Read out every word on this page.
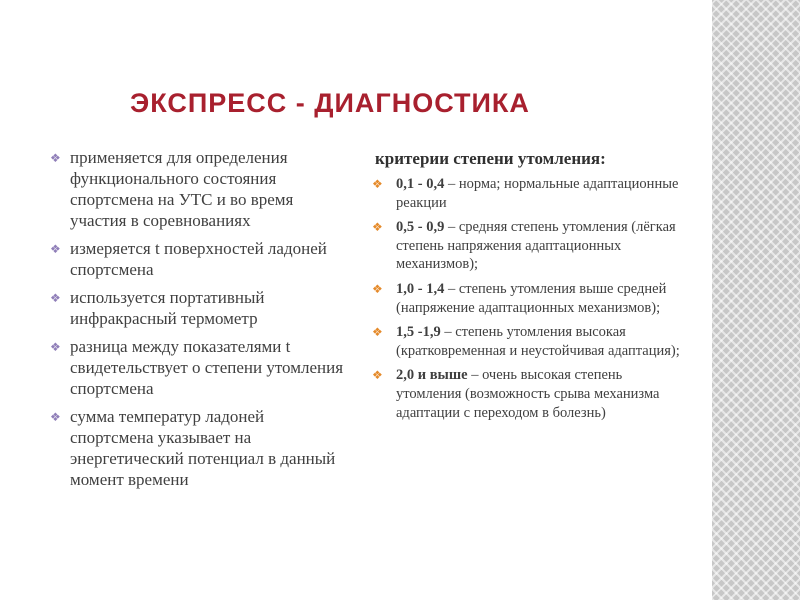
ЭКСПРЕСС - ДИАГНОСТИКА
❖ применяется для определения функционального состояния спортсмена на УТС и во время участия в соревнованиях
❖ измеряется t поверхностей ладоней спортсмена
❖ используется портативный инфракрасный термометр
❖ разница между показателями t свидетельствует о степени утомления спортсмена
❖ сумма температур ладоней спортсмена указывает на энергетический потенциал в данный момент времени
критерии степени утомления:
❖ 0,1 - 0,4 – норма; нормальные адаптационные реакции
❖ 0,5 - 0,9 – средняя степень утомления (лёгкая степень напряжения адаптационных механизмов);
❖ 1,0 - 1,4 – степень утомления выше средней (напряжение адаптационных механизмов);
❖ 1,5 -1,9 – степень утомления высокая (кратковременная и неустойчивая адаптация);
❖ 2,0 и выше – очень высокая степень утомления (возможность срыва механизма адаптации с переходом в болезнь)
